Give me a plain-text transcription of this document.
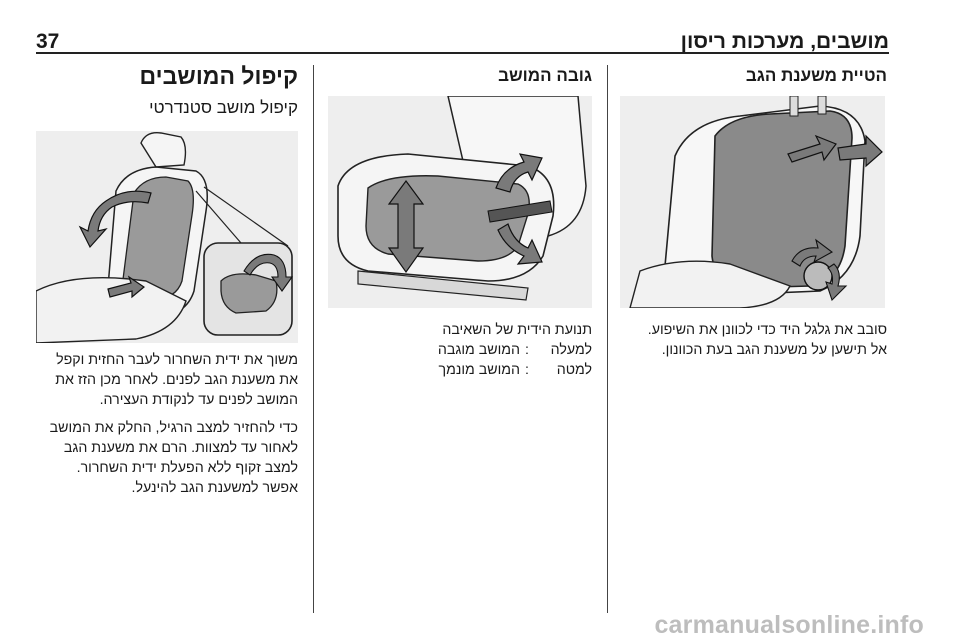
מושבים, מערכות ריסון
37

הטיית משענת הגב

סובב את גלגל היד כדי לכוונן את השיפוע.

אל תישען על משענת הגב בעת הכוונון.

גובה המושב

תנועת הידית של השאיבה

למעלה
:
המושב מוגבה
למטה
:
המושב מונמך

קיפול המושבים

קיפול מושב סטנדרטי

משוך את ידית השחרור לעבר החזית וקפל

את משענת הגב לפנים. לאחר מכן הזז את

המושב לפנים עד לנקודת העצירה.

כדי להחזיר למצב הרגיל, החלק את המושב

לאחור עד למצוות. הרם את משענת הגב

למצב זקוף ללא הפעלת ידית השחרור.

אפשר למשענת הגב להינעל.

carmanualsonline.info
